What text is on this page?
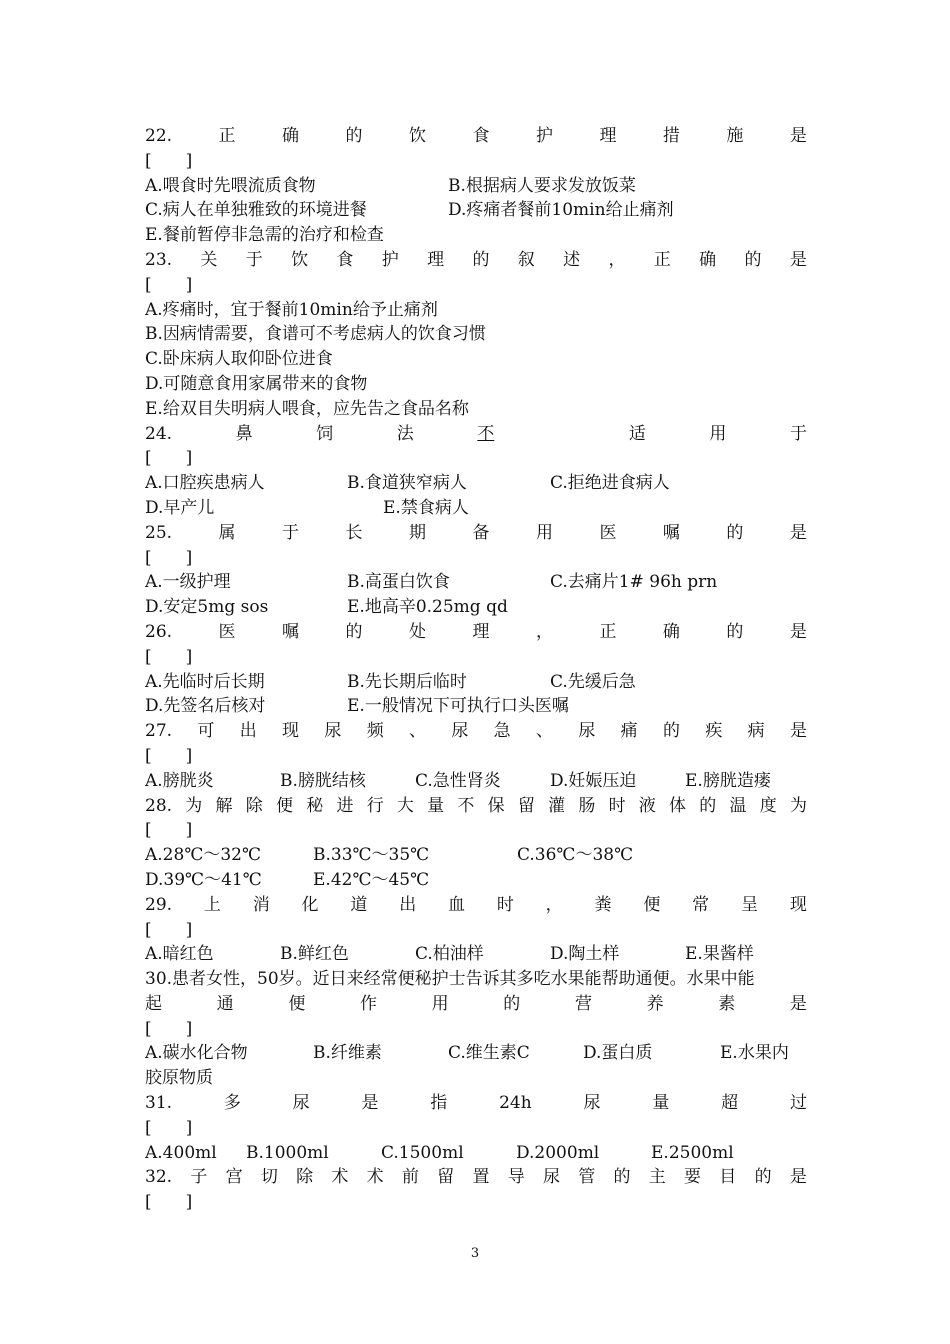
22.	正	确	的	饮	食	护	理	措	施	是
[　　]
A.喂食时先喂流质食物	B.根据病人要求发放饭菜
C.病人在单独雅致的环境进餐	D.疼痛者餐前10min给止痛剂
E.餐前暂停非急需的治疗和检查
23. 关 于 饮 食 护 理 的 叙 述 ， 正 确 的 是
[　　]
A.疼痛时，宜于餐前10min给予止痛剂
B.因病情需要，食谱可不考虑病人的饮食习惯
C.卧床病人取仰卧位进食
D.可随意食用家属带来的食物
E.给双目失明病人喂食，应先告之食品名称
24.	鼻	饲	法	不	适	用	于
[　　]
A.口腔疾患病人	B.食道狭窄病人	C.拒绝进食病人
D.早产儿	E.禁食病人
25.	属	于	长	期	备	用	医	嘱	的	是
[　　]
A.一级护理	B.高蛋白饮食	C.去痛片1# 96h prn
D.安定5mg sos	E.地高辛0.25mg qd
26.	医	嘱	的	处	理	，	正	确	的	是
[　　]
A.先临时后长期	B.先长期后临时	C.先缓后急
D.先签名后核对	E.一般情况下可执行口头医嘱
27. 可 出 现 尿 频 、 尿 急 、 尿 痛 的 疾 病 是
[　　]
A.膀胱炎	B.膀胱结核	C.急性肾炎	D.妊娠压迫	E.膀胱造瘘
28. 为 解 除 便 秘 进 行 大 量 不 保 留 灌 肠 时 液 体 的 温 度 为
[　　]
A.28℃～32℃	B.33℃～35℃	C.36℃～38℃
D.39℃～41℃	E.42℃～45℃
29. 上 消 化 道 出 血 时 ， 粪 便 常 呈 现
[　　]
A.暗红色	B.鲜红色	C.柏油样	D.陶土样	E.果酱样
30.患者女性，50岁。近日来经常便秘护士告诉其多吃水果能帮助通便。水果中能
起	通	便	作	用	的	营	养	素	是
[　　]
A.碳水化合物	B.纤维素	C.维生素C	D.蛋白质	E.水果内
胶原物质
31.	多	尿	是	指	24h	尿	量	超	过
[　　]
A.400ml B.1000ml	C.1500ml	D.2000ml	E.2500ml
32. 子 宫 切 除 术 术 前 留 置 导 尿 管 的 主 要 目 的 是
[　　]
3
